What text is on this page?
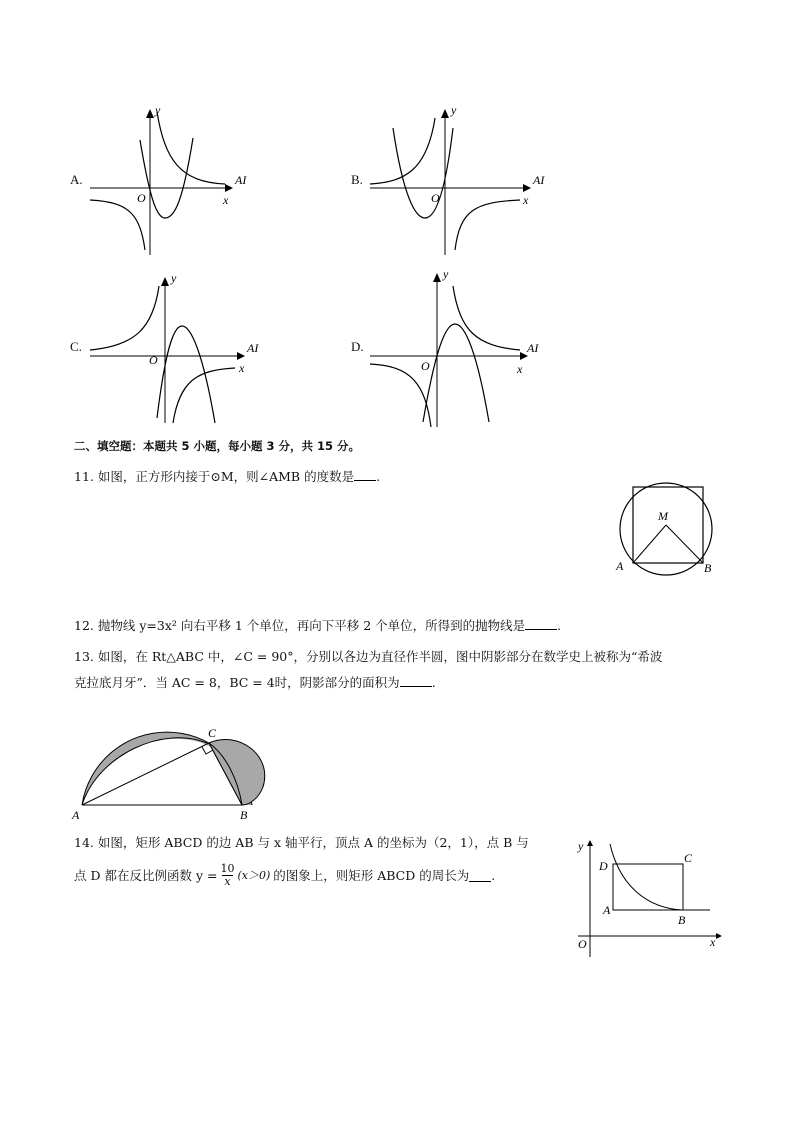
A.
y
x
O
AI	B.
y
x
O
AI
C.
y
x
O
AI	D.
y
x
O
AI
二、填空题：本题共 5 小题，每小题 3 分，共 15 分。
11. 如图，正方形内接于⊙M，则∠AMB 的度数是 .
M
A	B
12. 抛物线 y=3x² 向右平移 1 个单位，再向下平移 2 个单位，所得到的抛物线是	.
13. 如图，在 Rt△ABC 中，∠C = 90°，分别以各边为直径作半圆，图中阴影部分在数学史上被称为“希波
克拉底月牙”．当 AC = 8，BC = 4时，阴影部分的面积为	.
A	B
C
14. 如图，矩形 ABCD 的边 AB 与 x 轴平行，顶点 A 的坐标为（2，1），点 B 与
点 D 都在反比例函数 $y = \frac{10}{x} (x>0)$ 的图象上，则矩形 ABCD 的周长为 .
y
x
O
A
B
C
D
